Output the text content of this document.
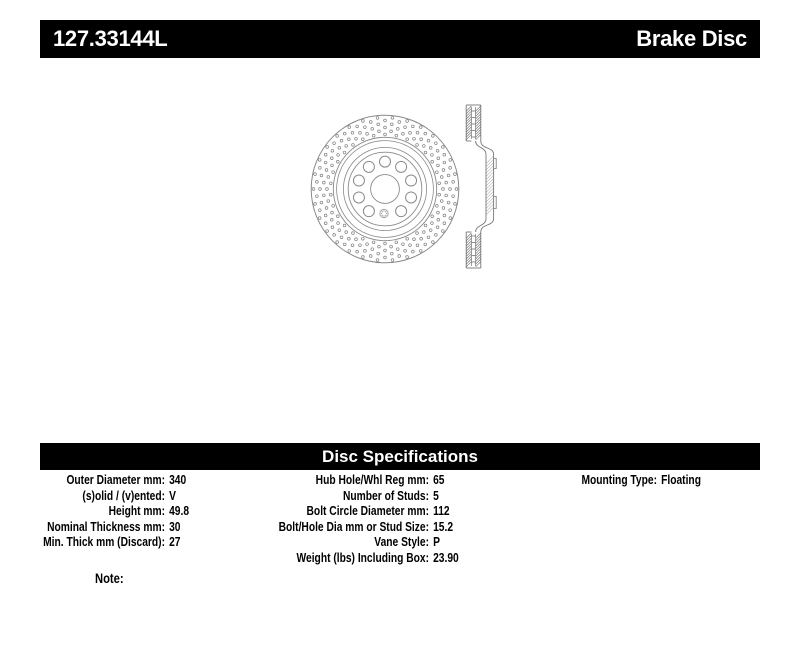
127.33144L	Brake Disc
Disc Specifications
Outer Diameter mm: 340
(s)olid / (v)ented: V
Height mm: 49.8
Nominal Thickness mm: 30
Min. Thick mm (Discard): 27
Hub Hole/Whl Reg mm: 65
Number of Studs: 5
Bolt Circle Diameter mm: 112
Bolt/Hole Dia mm or Stud Size: 15.2
Vane Style: P
Weight (lbs) Including Box: 23.90
Mounting Type: Floating
Note:
